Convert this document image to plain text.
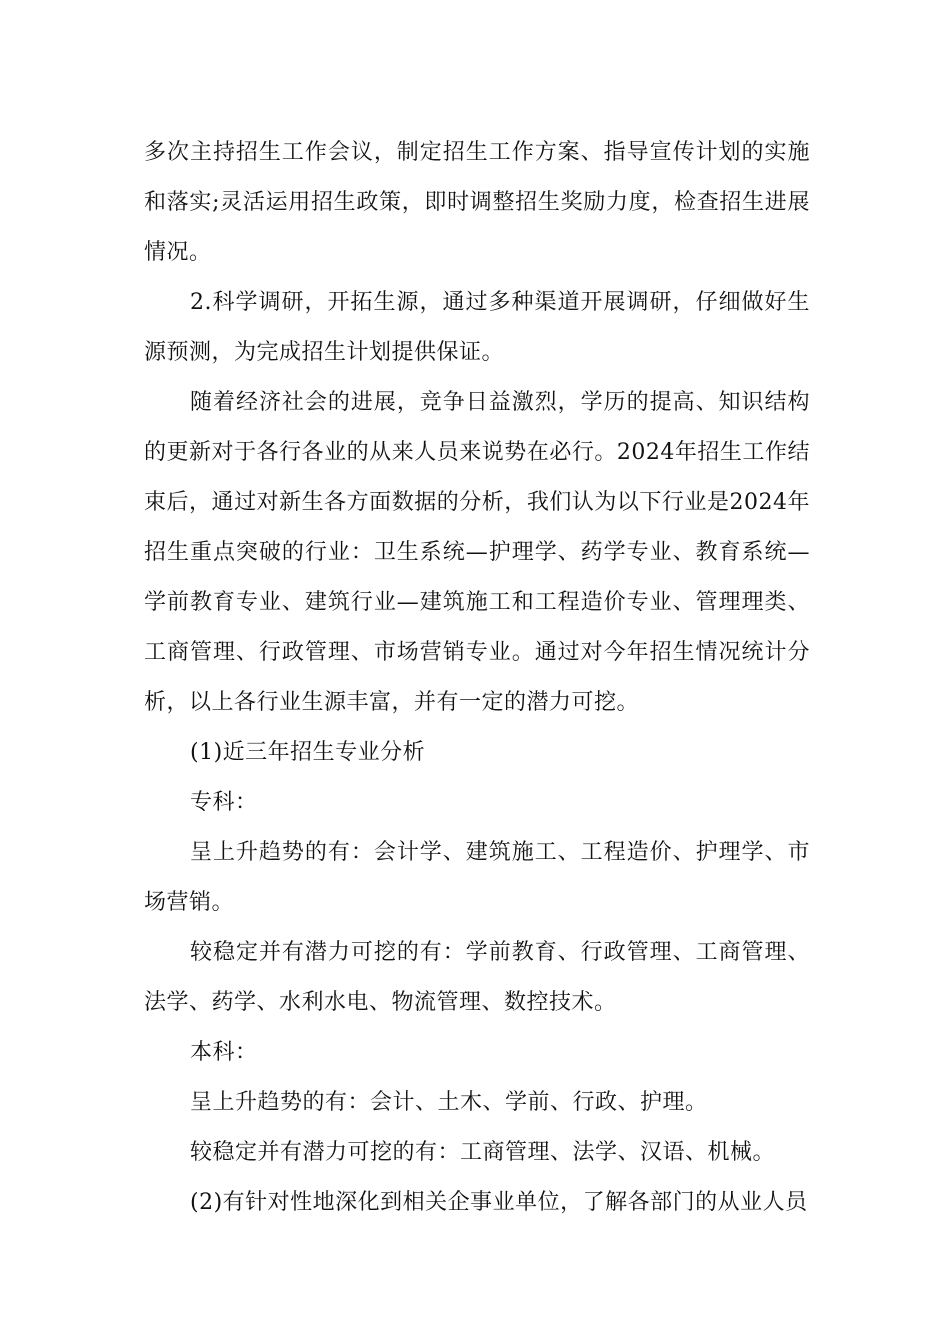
多次主持招生工作会议，制定招生工作方案、指导宣传计划的实施和落实;灵活运用招生政策，即时调整招生奖励力度，检查招生进展情况。

2.科学调研，开拓生源，通过多种渠道开展调研，仔细做好生源预测，为完成招生计划提供保证。

随着经济社会的进展，竞争日益激烈，学历的提高、知识结构的更新对于各行各业的从来人员来说势在必行。2024年招生工作结束后，通过对新生各方面数据的分析，我们认为以下行业是2024年招生重点突破的行业：卫生系统—护理学、药学专业、教育系统—学前教育专业、建筑行业—建筑施工和工程造价专业、管理理类、工商管理、行政管理、市场营销专业。通过对今年招生情况统计分析，以上各行业生源丰富，并有一定的潜力可挖。

(1)近三年招生专业分析

专科：

呈上升趋势的有：会计学、建筑施工、工程造价、护理学、市场营销。

较稳定并有潜力可挖的有：学前教育、行政管理、工商管理、法学、药学、水利水电、物流管理、数控技术。

本科：

呈上升趋势的有：会计、土木、学前、行政、护理。

较稳定并有潜力可挖的有：工商管理、法学、汉语、机械。

(2)有针对性地深化到相关企事业单位，了解各部门的从业人员
